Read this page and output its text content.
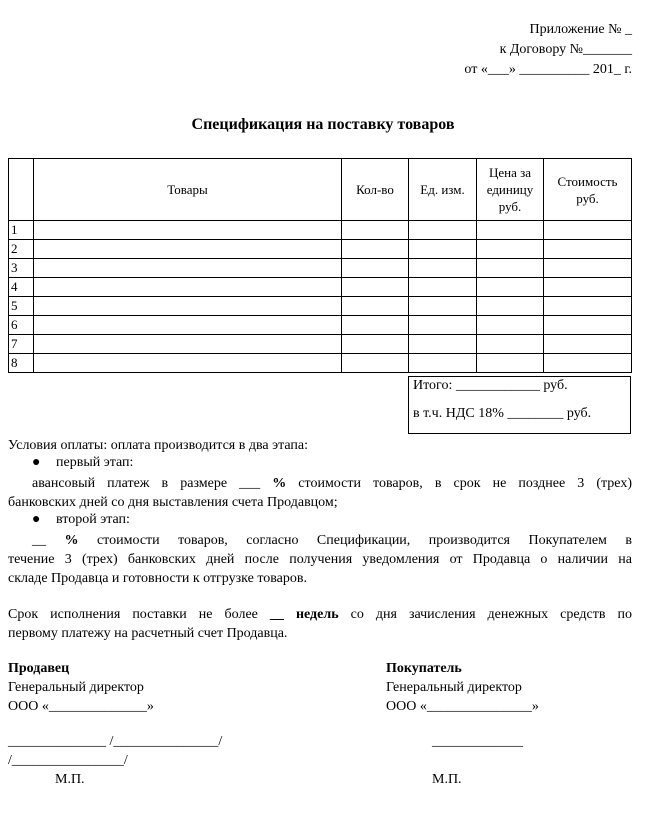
Приложение № _
к Договору №_______
от «___» __________ 201_ г.
Спецификация на поставку товаров
	Товары	Кол-во	Ед. изм.	Цена за единицу руб.	Стоимость руб.
1					
2					
3					
4					
5					
6					
7					
8					
Итого: ____________ руб.
в т.ч. НДС 18% ________ руб.
Условия оплаты: оплата производится в два этапа:
● первый этап:
авансовый платеж в размере ___ % стоимости товаров, в срок не позднее 3 (трех)
банковских дней со дня выставления счета Продавцом;
● второй этап:
__ % стоимости товаров, согласно Спецификации, производится Покупателем в
течение 3 (трех) банковских дней после получения уведомления от Продавца о наличии на
складе Продавца и готовности к отгрузке товаров.
Срок исполнения поставки не более __ недель со дня зачисления денежных средств по
первому платежу на расчетный счет Продавца.
Продавец
Генеральный директор
ООО «______________»
______________ /_______________/
/________________/
М.П.
Покупатель
Генеральный директор
ООО «_______________»
_____________
М.П.
